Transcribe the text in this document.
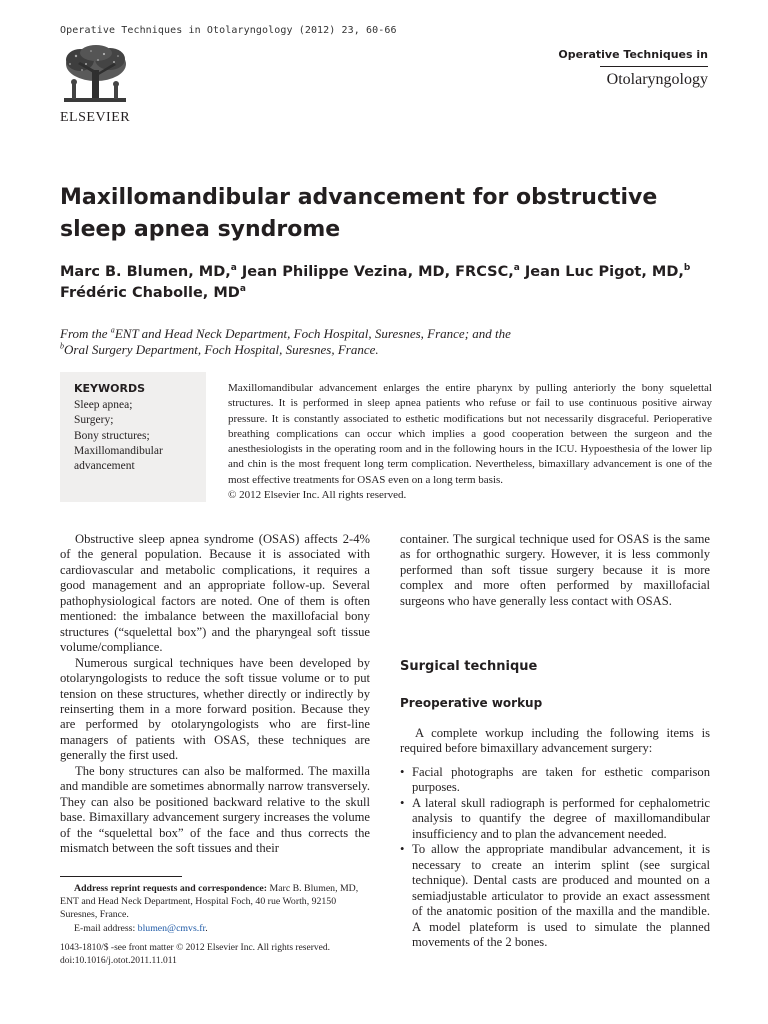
Operative Techniques in Otolaryngology (2012) 23, 60-66
ELSEVIER
Operative Techniques in
Otolaryngology
Maxillomandibular advancement for obstructive sleep apnea syndrome
Marc B. Blumen, MD,$^a$ Jean Philippe Vezina, MD, FRCSC,$^a$ Jean Luc Pigot, MD,$^b$
Frédéric Chabolle, $MD^a$
From the $^a$ENT and Head Neck Department, Foch Hospital, Suresnes, France; and the
$^b$Oral Surgery Department, Foch Hospital, Suresnes, France.
KEYWORDS
Sleep apnea;
Surgery;
Bony structures;
Maxillomandibular advancement

Maxillomandibular advancement enlarges the entire pharynx by pulling anteriorly the bony squelettal structures. It is performed in sleep apnea patients who refuse or fail to use continuous positive airway pressure. It is constantly associated to esthetic modifications but not necessarily disgraceful. Perioperative breathing complications can occur which implies a good cooperation between the surgeon and the anesthesiologists in the operating room and in the following hours in the ICU. Hypoesthesia of the lower lip and chin is the most frequent long term complication. Nevertheless, bimaxillary advancement is one of the most effective treatments for OSAS even on a long term basis.

© 2012 Elsevier Inc. All rights reserved.

Obstructive sleep apnea syndrome (OSAS) affects 2-4% of the general population. Because it is associated with cardiovascular and metabolic complications, it requires a good management and an appropriate follow-up. Several pathophysiological factors are noted. One of them is often mentioned: the imbalance between the maxillofacial bony structures (“squelettal box”) and the pharyngeal soft tissue volume/compliance.

Numerous surgical techniques have been developed by otolaryngologists to reduce the soft tissue volume or to put tension on these structures, whether directly or indirectly by reinserting them in a more forward position. Because they are performed by otolaryngologists who are first-line managers of patients with OSAS, these techniques are generally the first used.

The bony structures can also be malformed. The maxilla and mandible are sometimes abnormally narrow transversely. They can also be positioned backward relative to the skull base. Bimaxillary advancement surgery increases the volume of the “squelettal box” of the face and thus corrects the mismatch between the soft tissues and their

container. The surgical technique used for OSAS is the same as for orthognathic surgery. However, it is less commonly performed than soft tissue surgery because it is more complex and more often performed by maxillofacial surgeons who have generally less contact with OSAS.

Surgical technique
Preoperative workup

A complete workup including the following items is required before bimaxillary advancement surgery:

• Facial photographs are taken for esthetic comparison purposes.
• A lateral skull radiograph is performed for cephalometric analysis to quantify the degree of maxillomandibular insufficiency and to plan the advancement needed.
• To allow the appropriate mandibular advancement, it is necessary to create an interim splint (see surgical technique). Dental casts are produced and mounted on a semiadjustable articulator to provide an exact assessment of the anatomic position of the maxilla and the mandible. A model plateform is used to simulate the planned movements of the 2 bones.

Address reprint requests and correspondence: Marc B. Blumen, MD, ENT and Head Neck Department, Hospital Foch, 40 rue Worth, 92150 Suresnes, France.

E-mail address: blumen@cmvs.fr.

1043-1810/$ -see front matter © 2012 Elsevier Inc. All rights reserved.
doi:10.1016/j.otot.2011.11.011
